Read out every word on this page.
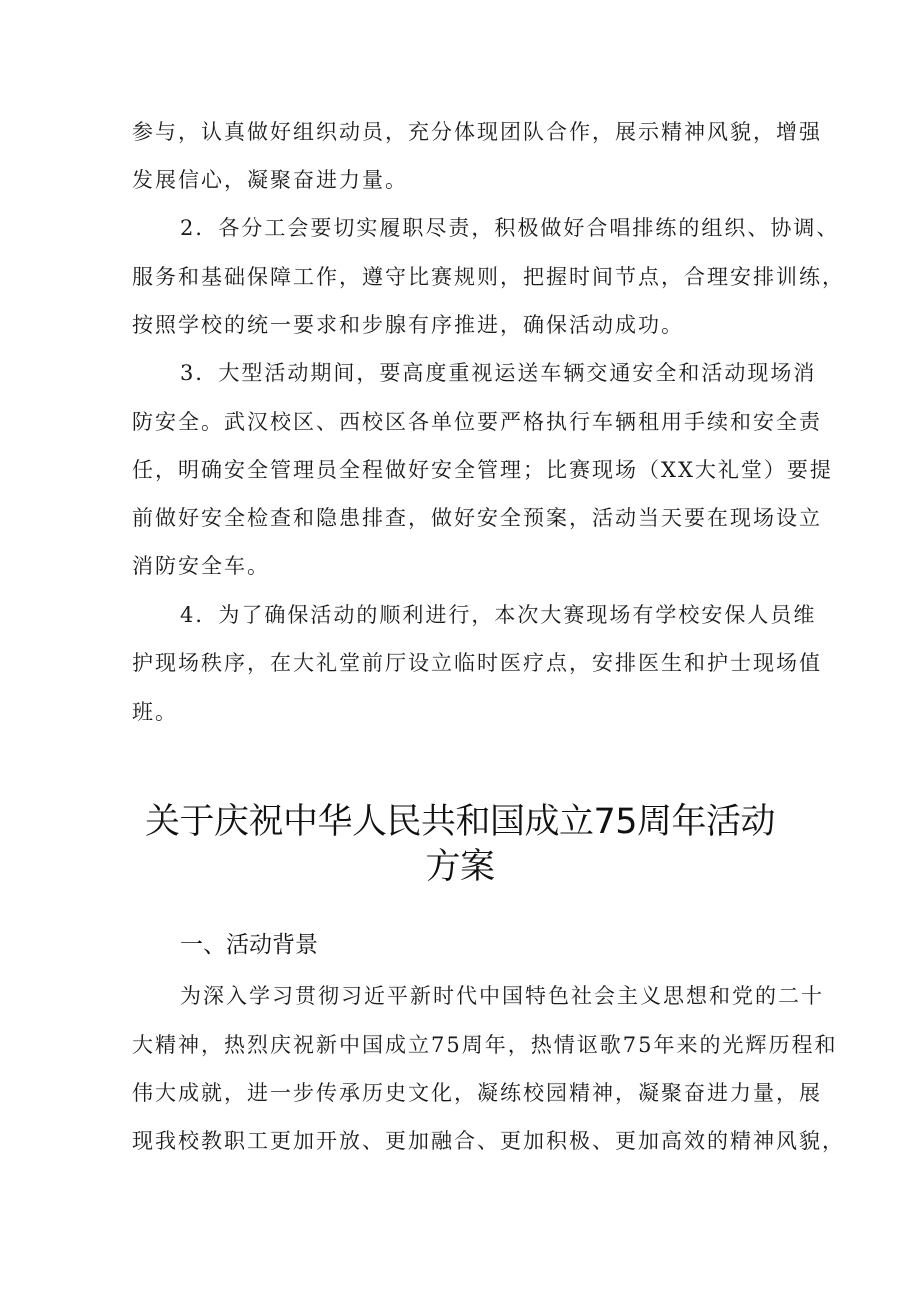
参与，认真做好组织动员，充分体现团队合作，展示精神风貌，增强
发展信心，凝聚奋进力量。
2．各分工会要切实履职尽责，积极做好合唱排练的组织、协调、
服务和基础保障工作，遵守比赛规则，把握时间节点，合理安排训练，
按照学校的统一要求和步腺有序推进，确保活动成功。
3．大型活动期间，要高度重视运送车辆交通安全和活动现场消
防安全。武汉校区、西校区各单位要严格执行车辆租用手续和安全责
任，明确安全管理员全程做好安全管理；比赛现场（XX大礼堂）要提
前做好安全检查和隐患排查，做好安全预案，活动当天要在现场设立
消防安全车。
4．为了确保活动的顺利进行，本次大赛现场有学校安保人员维
护现场秩序，在大礼堂前厅设立临时医疗点，安排医生和护士现场值
班。
关于庆祝中华人民共和国成立75周年活动
方案
一、活动背景
为深入学习贯彻习近平新时代中国特色社会主义思想和党的二十
大精神，热烈庆祝新中国成立75周年，热情讴歌75年来的光辉历程和
伟大成就，进一步传承历史文化，凝练校园精神，凝聚奋进力量，展
现我校教职工更加开放、更加融合、更加积极、更加高效的精神风貌，
